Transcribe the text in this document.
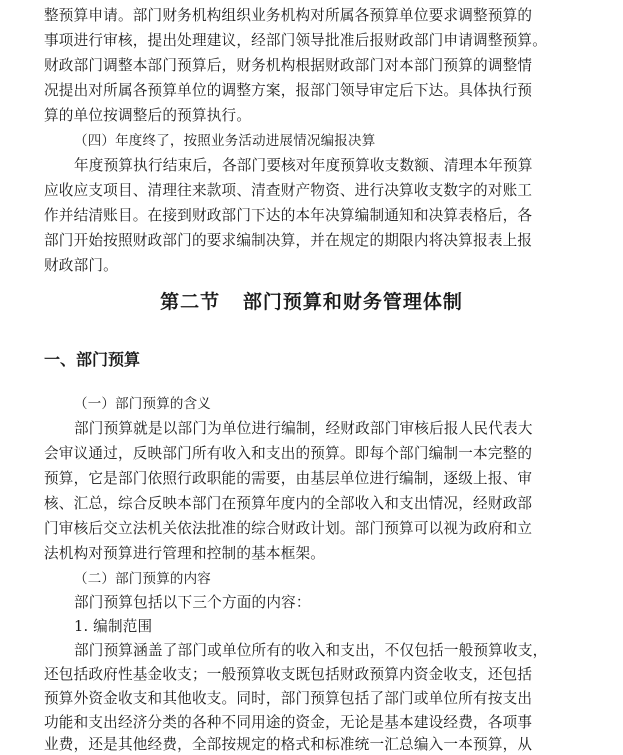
整预算申请。部门财务机构组织业务机构对所属各预算单位要求调整预算的
事项进行审核，提出处理建议，经部门领导批准后报财政部门申请调整预算。
财政部门调整本部门预算后，财务机构根据财政部门对本部门预算的调整情
况提出对所属各预算单位的调整方案，报部门领导审定后下达。具体执行预
算的单位按调整后的预算执行。
（四）年度终了，按照业务活动进展情况编报决算
年度预算执行结束后，各部门要核对年度预算收支数额、清理本年预算
应收应支项目、清理往来款项、清查财产物资、进行决算收支数字的对账工
作并结清账目。在接到财政部门下达的本年决算编制通知和决算表格后，各
部门开始按照财政部门的要求编制决算，并在规定的期限内将决算报表上报
财政部门。
第二节   部门预算和财务管理体制
一、部门预算
（一）部门预算的含义
部门预算就是以部门为单位进行编制，经财政部门审核后报人民代表大
会审议通过，反映部门所有收入和支出的预算。即每个部门编制一本完整的
预算，它是部门依照行政职能的需要，由基层单位进行编制，逐级上报、审
核、汇总，综合反映本部门在预算年度内的全部收入和支出情况，经财政部
门审核后交立法机关依法批准的综合财政计划。部门预算可以视为政府和立
法机构对预算进行管理和控制的基本框架。
（二）部门预算的内容
部门预算包括以下三个方面的内容：
1. 编制范围
部门预算涵盖了部门或单位所有的收入和支出，不仅包括一般预算收支，
还包括政府性基金收支；一般预算收支既包括财政预算内资金收支，还包括
预算外资金收支和其他收支。同时，部门预算包括了部门或单位所有按支出
功能和支出经济分类的各种不同用途的资金，无论是基本建设经费，各项事
业费，还是其他经费，全部按规定的格式和标准统一汇总编入一本预算，从
